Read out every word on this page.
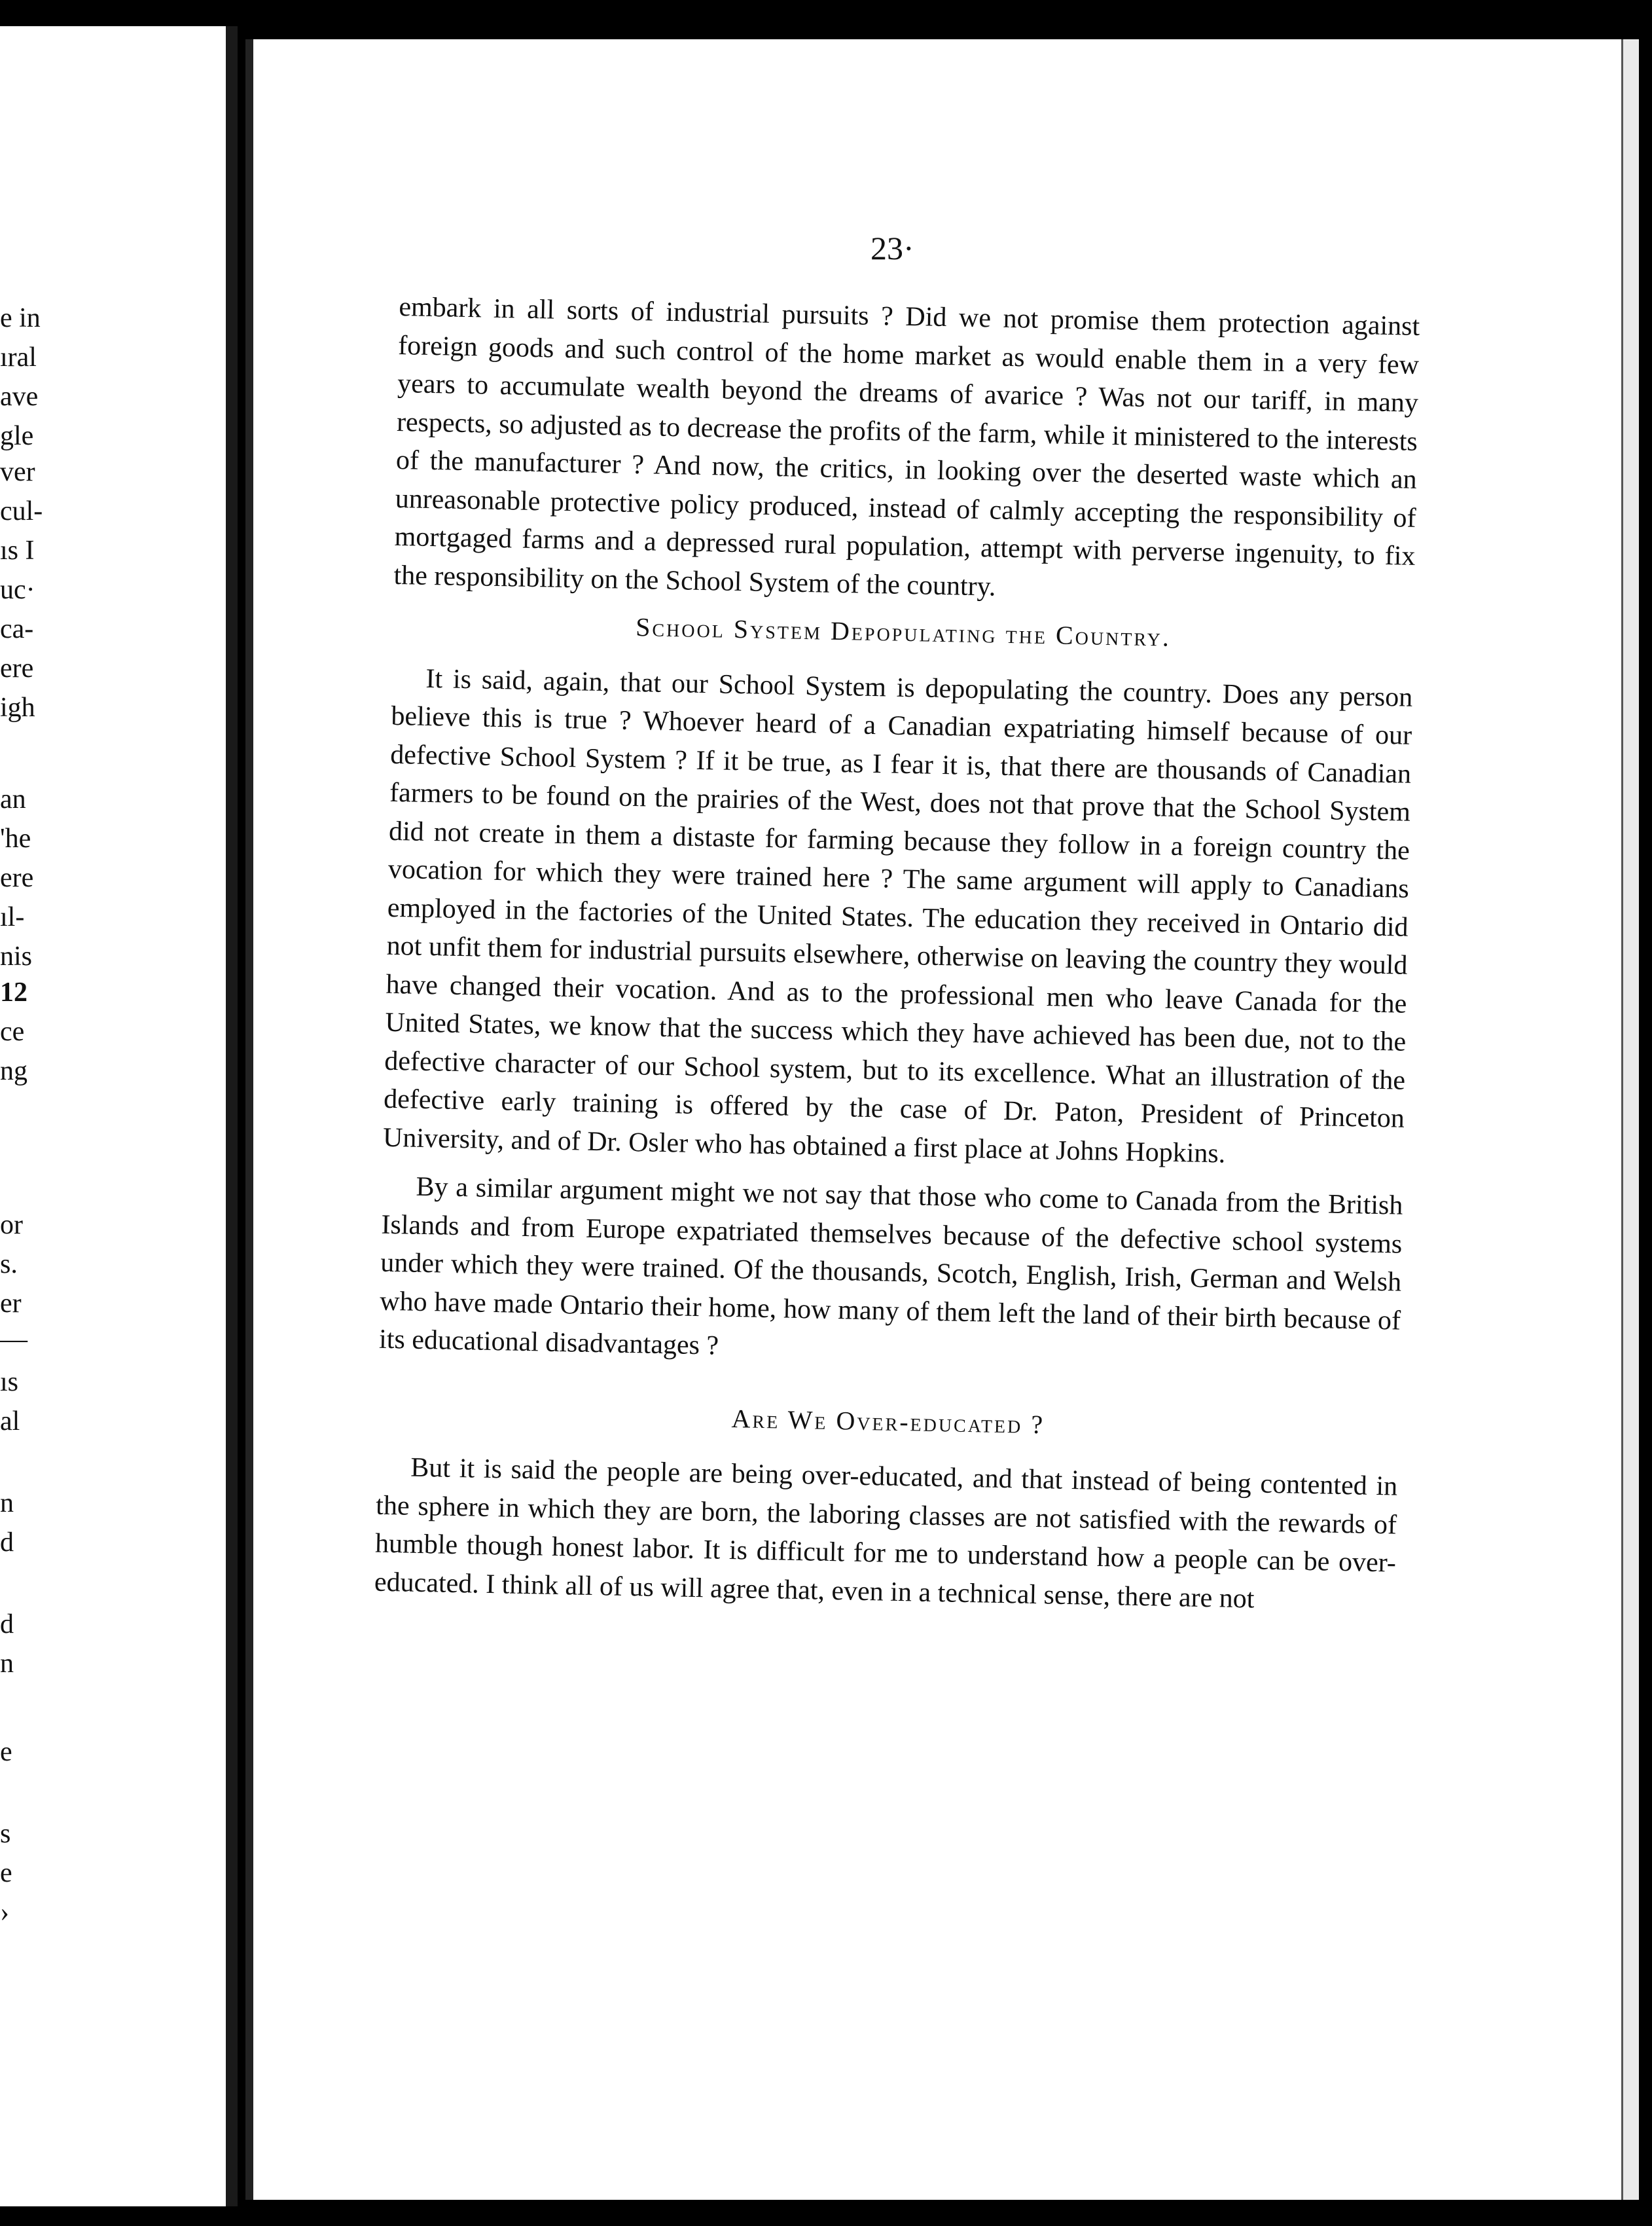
e in
ıral
ave
gle
ver
cul-
ıs I
uc·
ca-
ere
igh
an
'he
ere
ıl-
nis
12
ce
ng
or
s.
er
—
ıs
al
n
d
d
n
e
s
e
›
23·

embark in all sorts of industrial pursuits ? Did we not promise them protection against foreign goods and such control of the home market as would enable them in a very few years to accumulate wealth beyond the dreams of avarice ? Was not our tariff, in many respects, so adjusted as to decrease the profits of the farm, while it ministered to the interests of the manufacturer ? And now, the critics, in looking over the deserted waste which an unreasonable protective policy produced, instead of calmly accepting the responsibility of mortgaged farms and a depressed rural population, attempt with perverse ingenuity, to fix the responsibility on the School System of the country.

School System Depopulating the Country.

It is said, again, that our School System is depopulating the country. Does any person believe this is true ? Whoever heard of a Canadian expatriating himself because of our defective School System ? If it be true, as I fear it is, that there are thousands of Canadian farmers to be found on the prairies of the West, does not that prove that the School System did not create in them a distaste for farming because they follow in a foreign country the vocation for which they were trained here ? The same argument will apply to Canadians employed in the factories of the United States. The education they received in Ontario did not unfit them for industrial pursuits elsewhere, otherwise on leaving the country they would have changed their vocation. And as to the professional men who leave Canada for the United States, we know that the success which they have achieved has been due, not to the defective character of our School system, but to its excellence. What an illustration of the defective early training is offered by the case of Dr. Paton, President of Princeton University, and of Dr. Osler who has obtained a first place at Johns Hopkins.

By a similar argument might we not say that those who come to Canada from the British Islands and from Europe expatriated themselves because of the defective school systems under which they were trained. Of the thousands, Scotch, English, Irish, German and Welsh who have made Ontario their home, how many of them left the land of their birth because of its educational disadvantages ?

Are We Over-educated ?

But it is said the people are being over-educated, and that instead of being contented in the sphere in which they are born, the laboring classes are not satisfied with the rewards of humble though honest labor. It is difficult for me to understand how a people can be over-educated. I think all of us will agree that, even in a technical sense, there are not
